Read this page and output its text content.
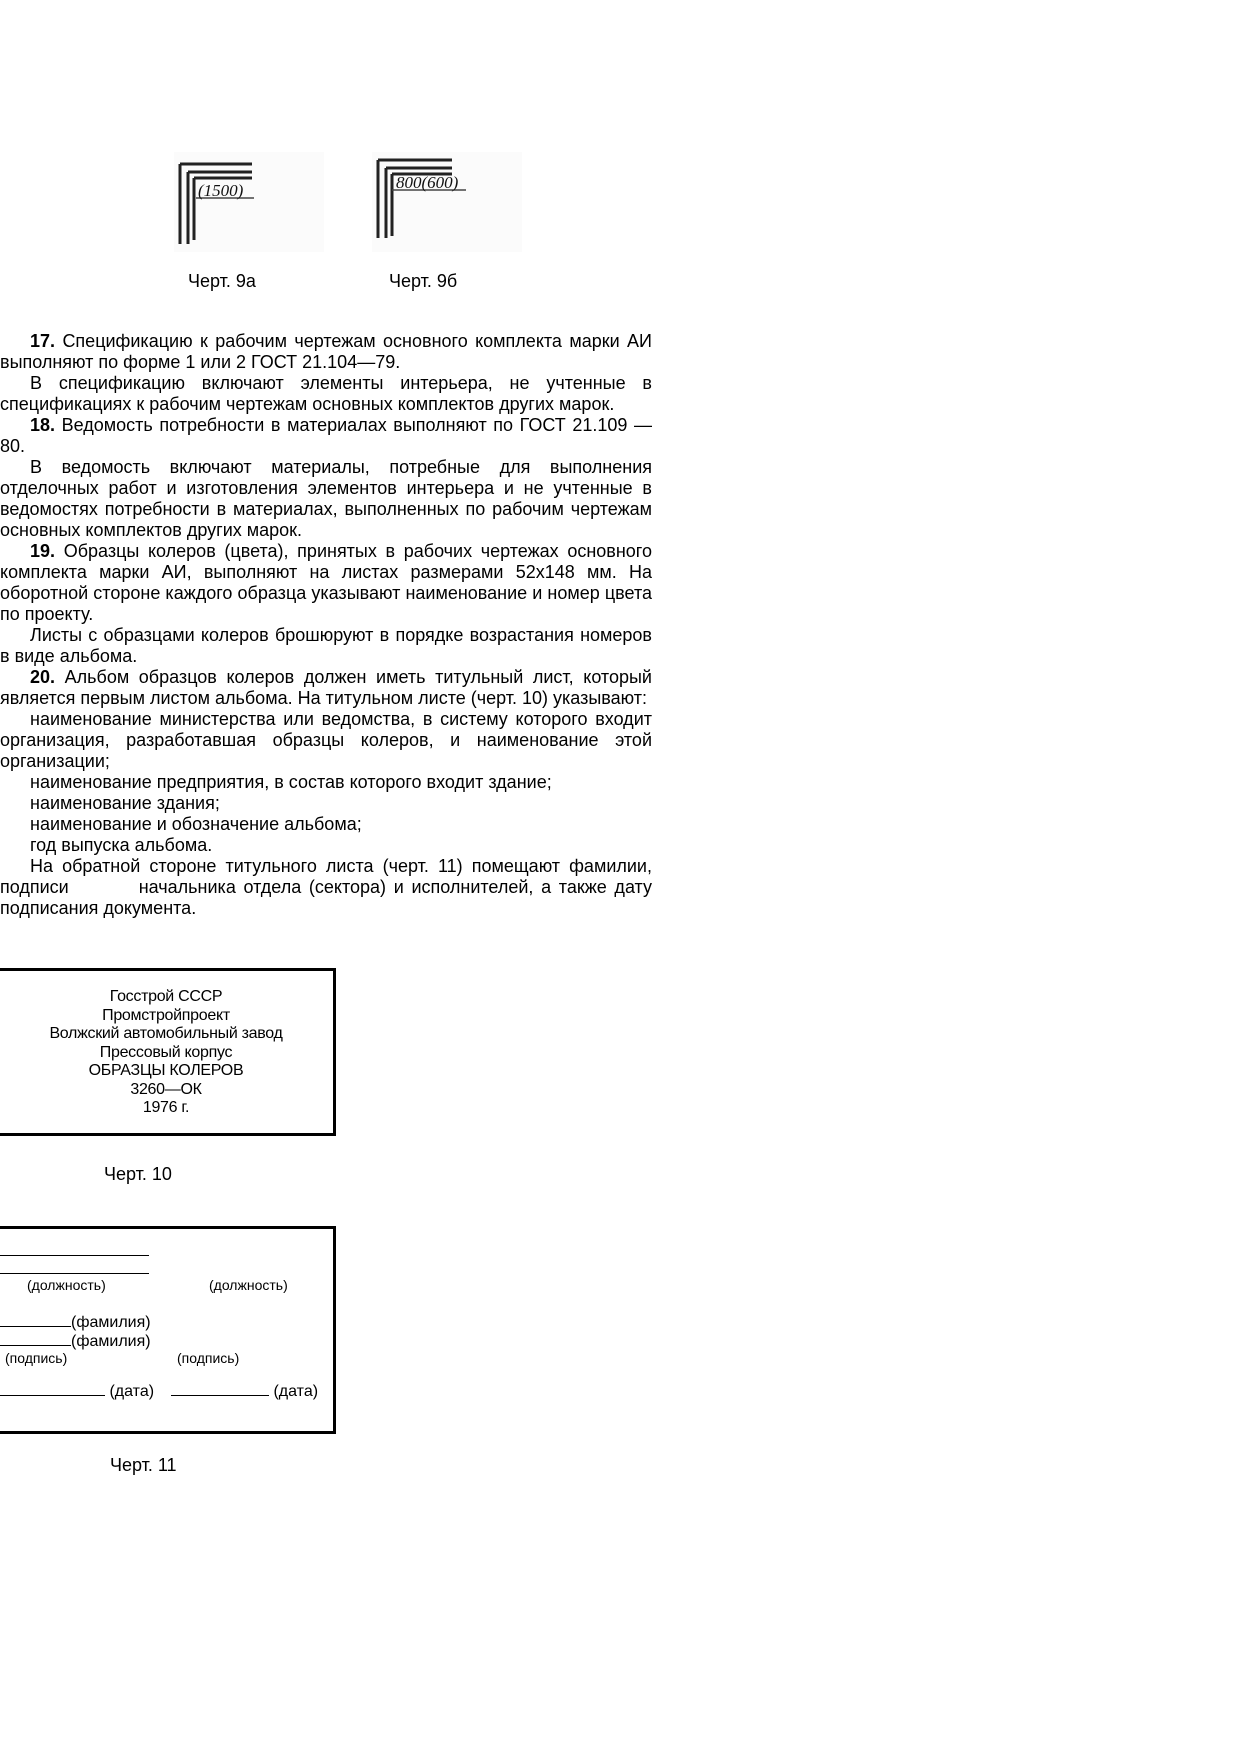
(1500)
Черт. 9а
800(600)
Черт. 9б

17. Спецификацию к рабочим чертежам основного комплекта марки АИ выполняют по форме 1 или 2 ГОСТ 21.104—79.

В спецификацию включают элементы интерьера, не учтенные в спецификациях к рабочим чертежам основных комплектов других марок.

18. Ведомость потребности в материалах выполняют по ГОСТ 21.109 —80.

В ведомость включают материалы, потребные для выполнения отделочных работ и изготовления элементов интерьера и не учтенные в ведомостях потребности в материалах, выполненных по рабочим чертежам основных комплектов других марок.

19. Образцы колеров (цвета), принятых в рабочих чертежах основного комплекта марки АИ, выполняют на листах размерами 52x148 мм. На оборотной стороне каждого образца указывают наименование и номер цвета по проекту.

Листы с образцами колеров брошюруют в порядке возрастания номеров в виде альбома.

20. Альбом образцов колеров должен иметь титульный лист, который является первым листом альбома. На титульном листе (черт. 10) указывают:

наименование министерства или ведомства, в систему которого входит организация, разработавшая образцы колеров, и наименование этой организации;

наименование предприятия, в состав которого входит здание;

наименование здания;

наименование и обозначение альбома;

год выпуска альбома.

На обратной стороне титульного листа (черт. 11) помещают фамилии, подписи	начальника отдела (сектора) и исполнителей, а также дату подписания документа.

Госстрой СССР
Промстройпроект
Волжский автомобильный завод
Прессовый корпус
ОБРАЗЦЫ КОЛЕРОВ
3260—ОК
1976 г.
Черт. 10
(должность)	(должность)
(фамилия)
(фамилия)
(подпись)	(подпись)
(дата)	(дата)
Черт. 11
